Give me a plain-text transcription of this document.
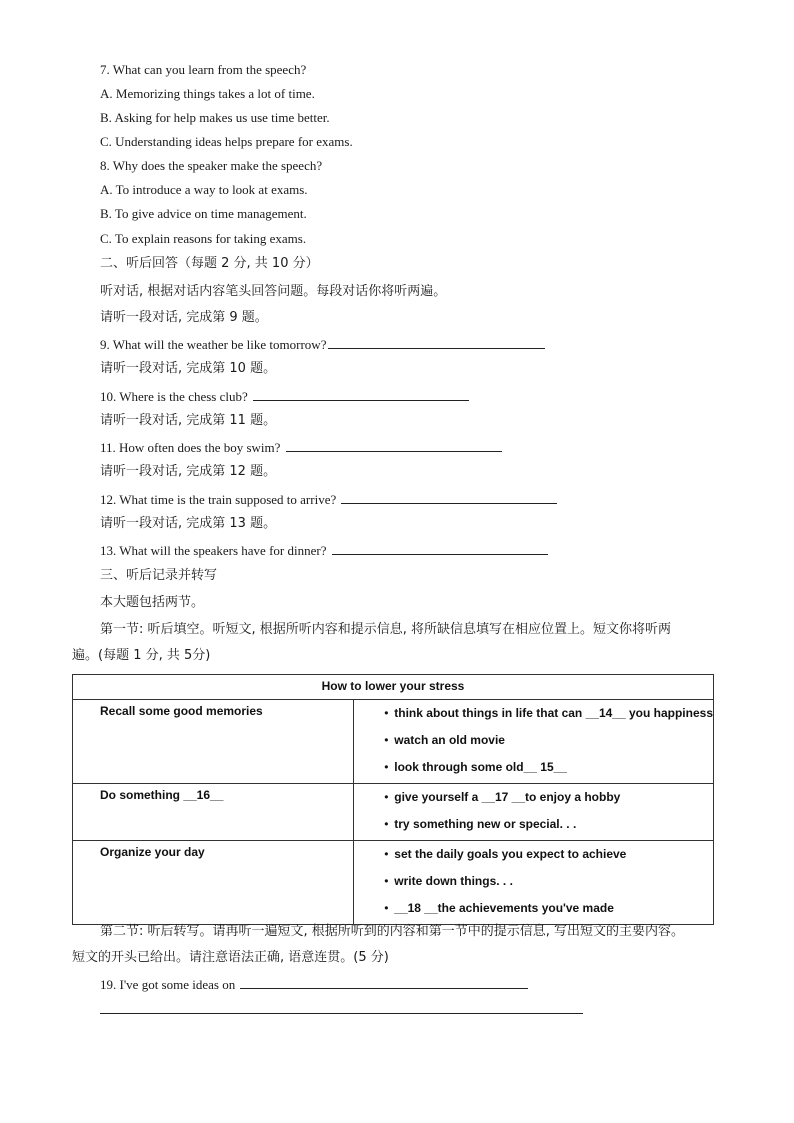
7. What can you learn from the speech?
A. Memorizing things takes a lot of time.
B. Asking for help makes us use time better.
C. Understanding ideas helps prepare for exams.
8. Why does the speaker make the speech?
A. To introduce a way to look at exams.
B. To give advice on time management.
C. To explain reasons for taking exams.
二、听后回答（每题 2 分, 共 10 分）
听对话, 根据对话内容笔头回答问题。每段对话你将听两遍。
请听一段对话, 完成第 9 题。
9. What will the weather be like tomorrow?
请听一段对话, 完成第 10 题。
10. Where is the chess club?
请听一段对话, 完成第 11 题。
11. How often does the boy swim?
请听一段对话, 完成第 12 题。
12. What time is the train supposed to arrive?
请听一段对话, 完成第 13 题。
13. What will the speakers have for dinner?
三、听后记录并转写
本大题包括两节。
第一节: 听后填空。听短文, 根据所听内容和提示信息, 将所缺信息填写在相应位置上。短文你将听两
遍。(每题 1 分, 共 5分)
How to lower your stress	
Recall some good memories	• think about things in life that can __14__ you happiness
• watch an old movie
• look through some old__ 15__

Do something __16__	• give yourself a __17 __to enjoy a hobby
• try something new or special. . .

Organize your day	• set the daily goals you expect to achieve
• write down things. . .
• __18 __the achievements you've made
第二节: 听后转写。请再听一遍短文, 根据所听到的内容和第一节中的提示信息, 写出短文的主要内容。
短文的开头已给出。请注意语法正确, 语意连贯。(5 分)
19. I've got some ideas on
